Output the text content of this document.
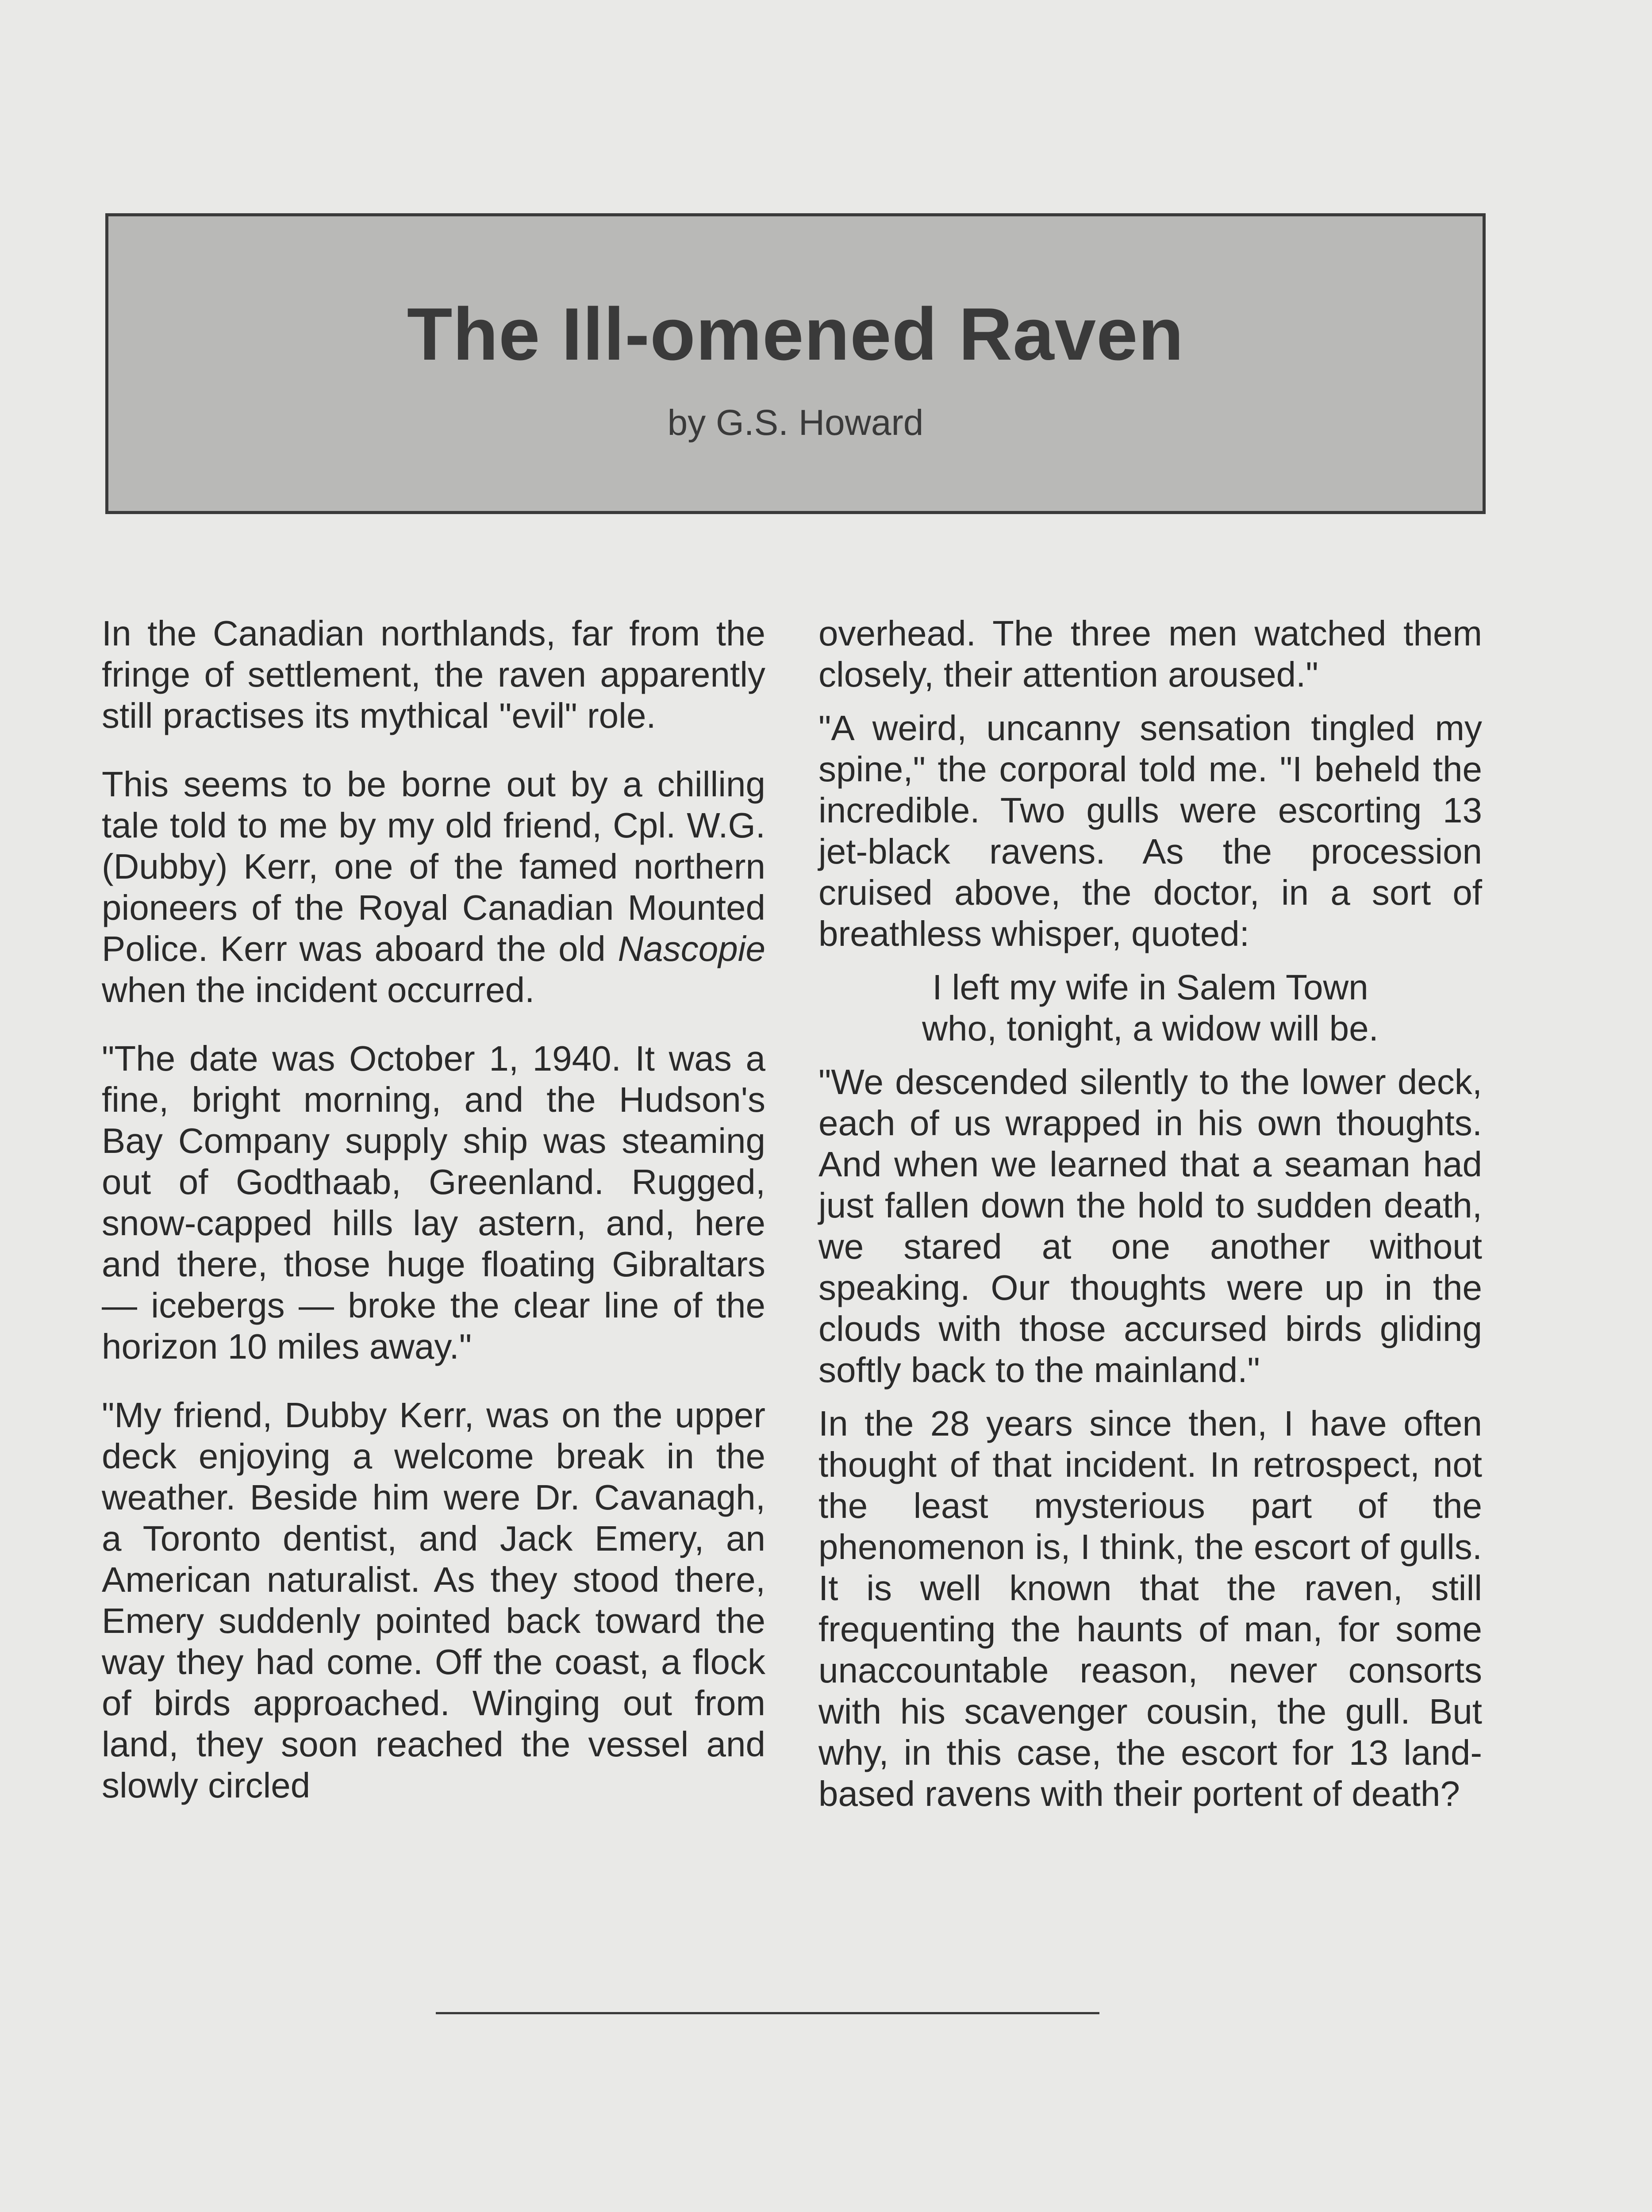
The Ill-omened Raven
by G.S. Howard

In the Canadian northlands, far from the fringe of settlement, the raven apparently still practises its mythical "evil" role.

This seems to be borne out by a chilling tale told to me by my old friend, Cpl. W.G. (Dubby) Kerr, one of the famed northern pioneers of the Royal Canadian Mounted Police. Kerr was aboard the old Nascopie when the incident occurred.

"The date was October 1, 1940. It was a fine, bright morning, and the Hudson's Bay Company supply ship was steaming out of Godthaab, Greenland. Rugged, snow-capped hills lay astern, and, here and there, those huge floating Gibraltars — icebergs — broke the clear line of the horizon 10 miles away."

"My friend, Dubby Kerr, was on the upper deck enjoying a welcome break in the weather. Beside him were Dr. Cavanagh, a Toronto dentist, and Jack Emery, an American naturalist. As they stood there, Emery suddenly pointed back toward the way they had come. Off the coast, a flock of birds approached. Winging out from land, they soon reached the vessel and slowly circled

overhead. The three men watched them closely, their attention aroused."

"A weird, uncanny sensation tingled my spine," the corporal told me. "I beheld the incredible. Two gulls were escorting 13 jet-black ravens. As the procession cruised above, the doctor, in a sort of breathless whisper, quoted:

I left my wife in Salem Town
who, tonight, a widow will be.

"We descended silently to the lower deck, each of us wrapped in his own thoughts. And when we learned that a seaman had just fallen down the hold to sudden death, we stared at one another without speaking. Our thoughts were up in the clouds with those accursed birds gliding softly back to the mainland."

In the 28 years since then, I have often thought of that incident. In retrospect, not the least mysterious part of the phenomenon is, I think, the escort of gulls. It is well known that the raven, still frequenting the haunts of man, for some unaccountable reason, never consorts with his scavenger cousin, the gull. But why, in this case, the escort for 13 land-based ravens with their portent of death?
